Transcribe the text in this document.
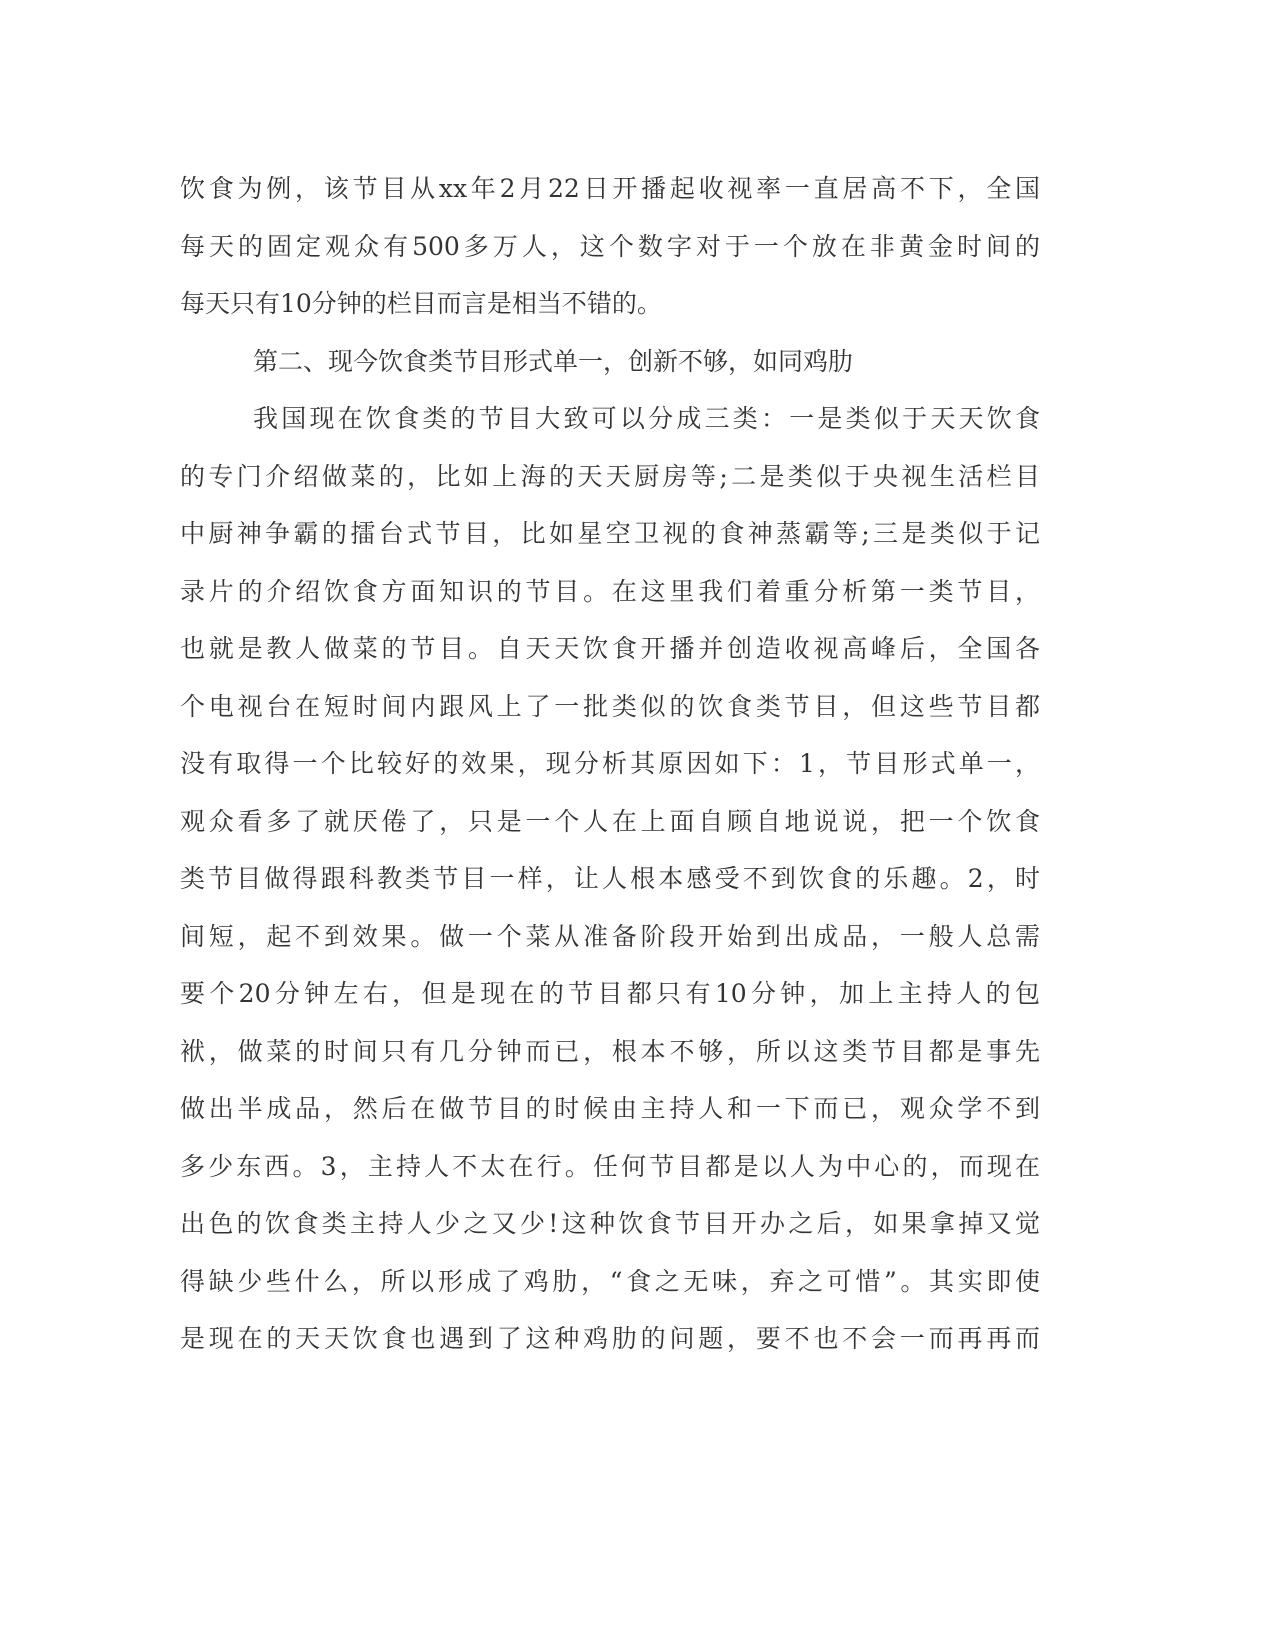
饮食为例，该节目从xx年2月22日开播起收视率一直居高不下，全国
每天的固定观众有500多万人，这个数字对于一个放在非黄金时间的
每天只有10分钟的栏目而言是相当不错的。
第二、现今饮食类节目形式单一，创新不够，如同鸡肋
我国现在饮食类的节目大致可以分成三类：一是类似于天天饮食
的专门介绍做菜的，比如上海的天天厨房等;二是类似于央视生活栏目
中厨神争霸的擂台式节目，比如星空卫视的食神蒸霸等;三是类似于记
录片的介绍饮食方面知识的节目。在这里我们着重分析第一类节目，
也就是教人做菜的节目。自天天饮食开播并创造收视高峰后，全国各
个电视台在短时间内跟风上了一批类似的饮食类节目，但这些节目都
没有取得一个比较好的效果，现分析其原因如下：1，节目形式单一，
观众看多了就厌倦了，只是一个人在上面自顾自地说说，把一个饮食
类节目做得跟科教类节目一样，让人根本感受不到饮食的乐趣。2，时
间短，起不到效果。做一个菜从准备阶段开始到出成品，一般人总需
要个20分钟左右，但是现在的节目都只有10分钟，加上主持人的包
袱，做菜的时间只有几分钟而已，根本不够，所以这类节目都是事先
做出半成品，然后在做节目的时候由主持人和一下而已，观众学不到
多少东西。3，主持人不太在行。任何节目都是以人为中心的，而现在
出色的饮食类主持人少之又少!这种饮食节目开办之后，如果拿掉又觉
得缺少些什么，所以形成了鸡肋，“食之无味，弃之可惜”。其实即使
是现在的天天饮食也遇到了这种鸡肋的问题，要不也不会一而再再而
